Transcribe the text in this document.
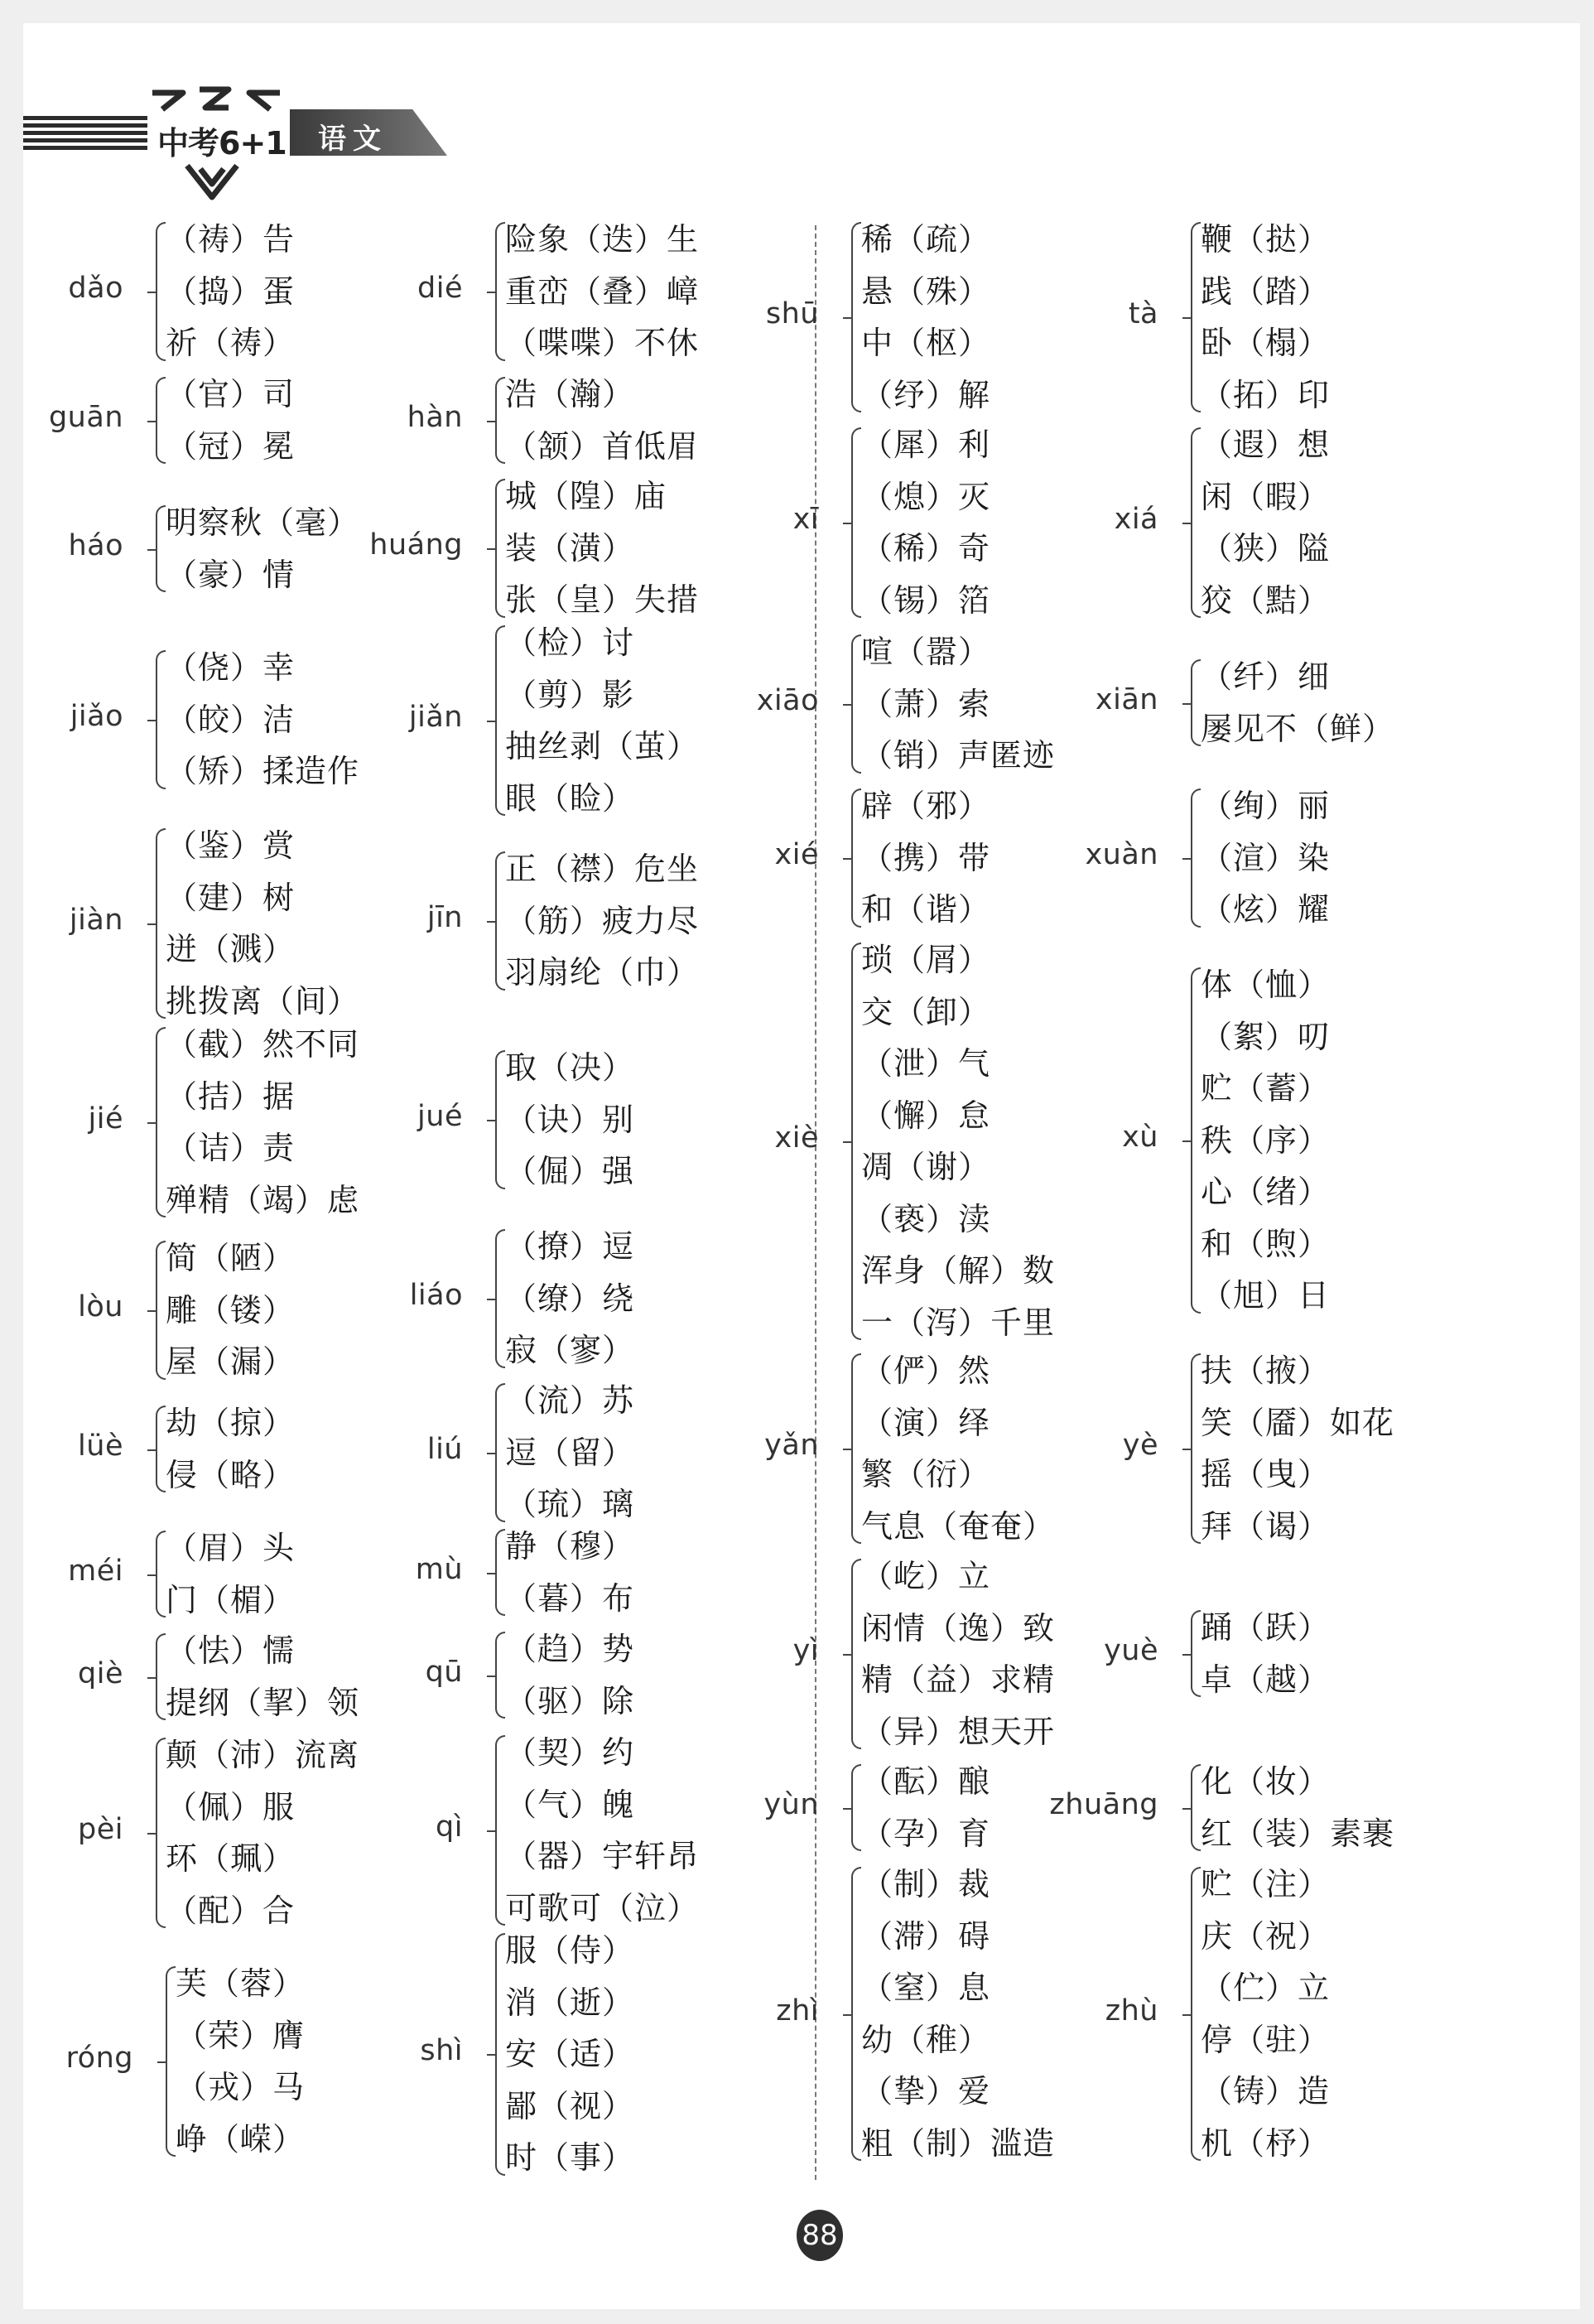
中考6+1 语文
dǎo
（祷）告
（捣）蛋
祈（祷）
guān
（官）司
（冠）冕
háo
明察秋（毫）
（豪）情
jiǎo
（侥）幸
（皎）洁
（矫）揉造作
jiàn
（鉴）赏
（建）树
迸（溅）
挑拨离（间）
jié
（截）然不同
（拮）据
（诘）责
殚精（竭）虑
lòu
简（陋）
雕（镂）
屋（漏）
lüè
劫（掠）
侵（略）
méi
（眉）头
门（楣）
qiè
（怯）懦
提纲（挈）领
pèi
颠（沛）流离
（佩）服
环（珮）
（配）合
róng
芙（蓉）
（荣）膺
（戎）马
峥（嵘）
dié
险象（迭）生
重峦（叠）嶂
（喋喋）不休
hàn
浩（瀚）
（颔）首低眉
huáng
城（隍）庙
装（潢）
张（皇）失措
jiǎn
（检）讨
（剪）影
抽丝剥（茧）
眼（睑）
jīn
正（襟）危坐
（筋）疲力尽
羽扇纶（巾）
jué
取（决）
（诀）别
（倔）强
liáo
（撩）逗
（缭）绕
寂（寥）
liú
（流）苏
逗（留）
（琉）璃
mù
静（穆）
（暮）布
qū
（趋）势
（驱）除
qì
（契）约
（气）魄
（器）宇轩昂
可歌可（泣）
shì
服（侍）
消（逝）
安（适）
鄙（视）
时（事）
shū
稀（疏）
悬（殊）
中（枢）
（纾）解
xī
（犀）利
（熄）灭
（稀）奇
（锡）箔
xiāo
喧（嚣）
（萧）索
（销）声匿迹
xié
辟（邪）
（携）带
和（谐）
xiè
琐（屑）
交（卸）
（泄）气
（懈）怠
凋（谢）
（亵）渎
浑身（解）数
一（泻）千里
yǎn
（俨）然
（演）绎
繁（衍）
气息（奄奄）
yì
（屹）立
闲情（逸）致
精（益）求精
（异）想天开
yùn
（酝）酿
（孕）育
zhì
（制）裁
（滞）碍
（窒）息
幼（稚）
（挚）爱
粗（制）滥造
tà
鞭（挞）
践（踏）
卧（榻）
（拓）印
xiá
（遐）想
闲（暇）
（狭）隘
狡（黠）
xiān
（纤）细
屡见不（鲜）
xuàn
（绚）丽
（渲）染
（炫）耀
xù
体（恤）
（絮）叨
贮（蓄）
秩（序）
心（绪）
和（煦）
（旭）日
yè
扶（掖）
笑（靥）如花
摇（曳）
拜（谒）
yuè
踊（跃）
卓（越）
zhuāng
化（妆）
红（装）素裹
zhù
贮（注）
庆（祝）
（伫）立
停（驻）
（铸）造
机（杼）
88
